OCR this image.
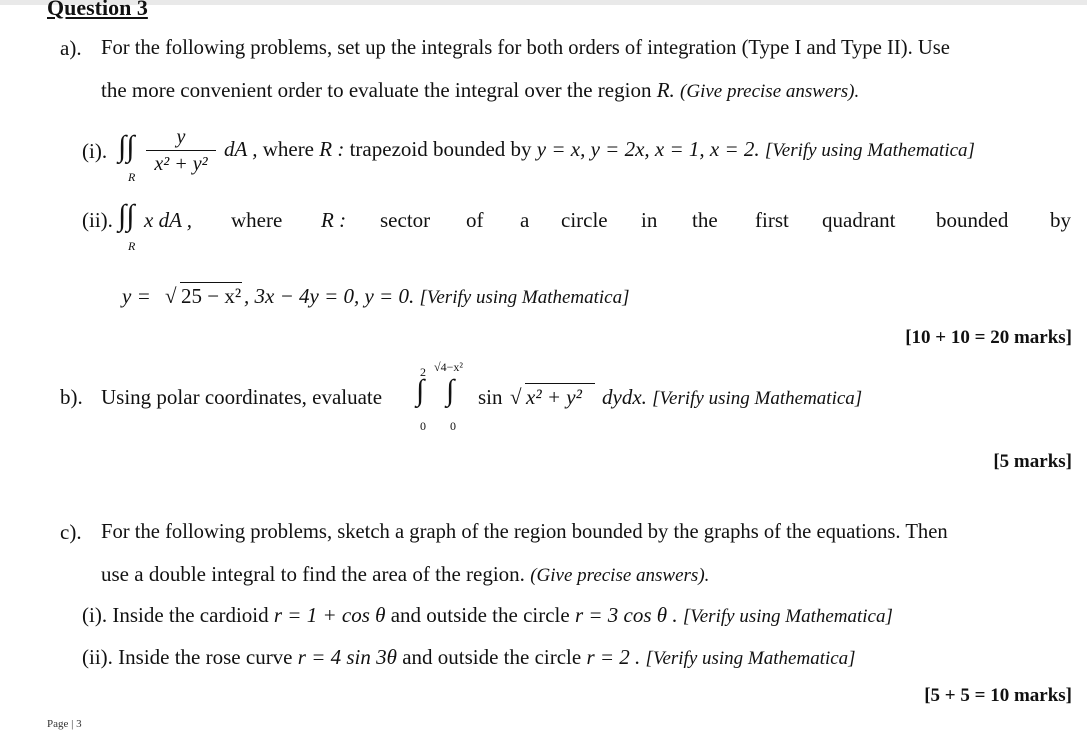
Question 3
a). For the following problems, set up the integrals for both orders of integration (Type I and Type II). Use
the more convenient order to evaluate the integral over the region R. (Give precise answers).
(i). ∫∫
R
y
x² + y²
dA , where R : trapezoid bounded by y = x, y = 2x, x = 1, x = 2. [Verify using Mathematica]
(ii). ∫∫
R
x dA , where R : sector of a circle in the first quadrant bounded by
y = √ 25 − x² , 3x − 4y = 0, y = 0. [Verify using Mathematica]
[10 + 10 = 20 marks]
b). Using polar coordinates, evaluate
2
∫
0
√4−x²
∫
0
sin √ x² + y² dydx. [Verify using Mathematica]
[5 marks]
c). For the following problems, sketch a graph of the region bounded by the graphs of the equations. Then
use a double integral to find the area of the region. (Give precise answers).
(i). Inside the cardioid r = 1 + cos θ and outside the circle r = 3 cos θ . [Verify using Mathematica]
(ii). Inside the rose curve r = 4 sin 3θ and outside the circle r = 2 . [Verify using Mathematica]
[5 + 5 = 10 marks]
Page | 3
